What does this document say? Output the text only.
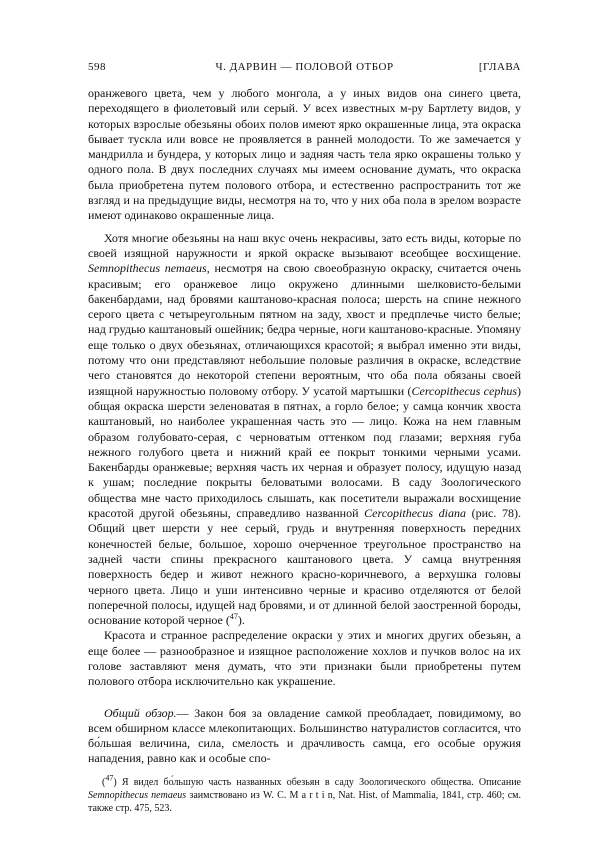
598	Ч. ДАРВИН — ПОЛОВОЙ ОТБОР	[ГЛАВА

оранжевого цвета, чем у любого монгола, а у иных видов она синего цвета, переходящего в фиолетовый или серый. У всех известных м-ру Бартлету видов, у которых взрослые обезьяны обоих полов имеют ярко окрашенные лица, эта окраска бывает тускла или вовсе не проявляется в ранней молодости. То же замечается у мандрилла и бундера, у которых лицо и задняя часть тела ярко окрашены только у одного пола. В двух последних случаях мы имеем основание думать, что окраска была приобретена путем полового отбора, и естественно распространить тот же взгляд и на предыдущие виды, несмотря на то, что у них оба пола в зрелом возрасте имеют одинаково окрашенные лица.

Хотя многие обезьяны на наш вкус очень некрасивы, зато есть виды, которые по своей изящной наружности и яркой окраске вызывают всеобщее восхищение. Semnopithecus nemaeus, несмотря на свою своеобразную окраску, считается очень красивым; его оранжевое лицо окружено длинными шелковисто-белыми бакенбардами, над бровями каштаново-красная полоса; шерсть на спине нежного серого цвета с четыреугольным пятном на заду, хвост и предплечье чисто белые; над грудью каштановый ошейник; бедра черные, ноги каштаново-красные. Упомяну еще только о двух обезьянах, отличающихся красотой; я выбрал именно эти виды, потому что они представляют небольшие половые различия в окраске, вследствие чего становятся до некоторой степени вероятным, что оба пола обязаны своей изящной наружностью половому отбору. У усатой мартышки (Cercopithecus cephus) общая окраска шерсти зеленоватая в пятнах, а горло белое; у самца кончик хвоста каштановый, но наиболее украшенная часть это — лицо. Кожа на нем главным образом голубовато-серая, с черноватым оттенком под глазами; верхняя губа нежного голубого цвета и нижний край ее покрыт тонкими черными усами. Бакенбарды оранжевые; верхняя часть их черная и образует полосу, идущую назад к ушам; последние покрыты беловатыми волосами. В саду Зоологического общества мне часто приходилось слышать, как посетители выражали восхищение красотой другой обезьяны, справедливо названной Cercopithecus diana (рис. 78). Общий цвет шерсти у нее серый, грудь и внутренняя поверхность передних конечностей белые, большое, хорошо очерченное треугольное пространство на задней части спины прекрасного каштанового цвета. У самца внутренняя поверхность бедер и живот нежного красно-коричневого, а верхушка головы черного цвета. Лицо и уши интенсивно черные и красиво отделяются от белой поперечной полосы, идущей над бровями, и от длинной белой заостренной бороды, основание которой черное ($^{47}$).

Красота и странное распределение окраски у этих и многих других обезьян, а еще более — разнообразное и изящное расположение хохлов и пучков волос на их голове заставляют меня думать, что эти признаки были приобретены путем полового отбора исключительно как украшение.

Общий обзор.— Закон боя за овладение самкой преобладает, повидимому, во всем обширном классе млекопитающих. Большинство натуралистов согласится, что бо́льшая величина, сила, смелость и драчливость самца, его особые оружия нападения, равно как и особые спо-

($^{47}$) Я видел бо́льшую часть названных обезьян в саду Зоологического общества. Описание Semnopithecus nemaeus заимствовано из W. C. M a r t i n, Nat. Hist. of Mammalia, 1841, стр. 460; см. также стр. 475, 523.
